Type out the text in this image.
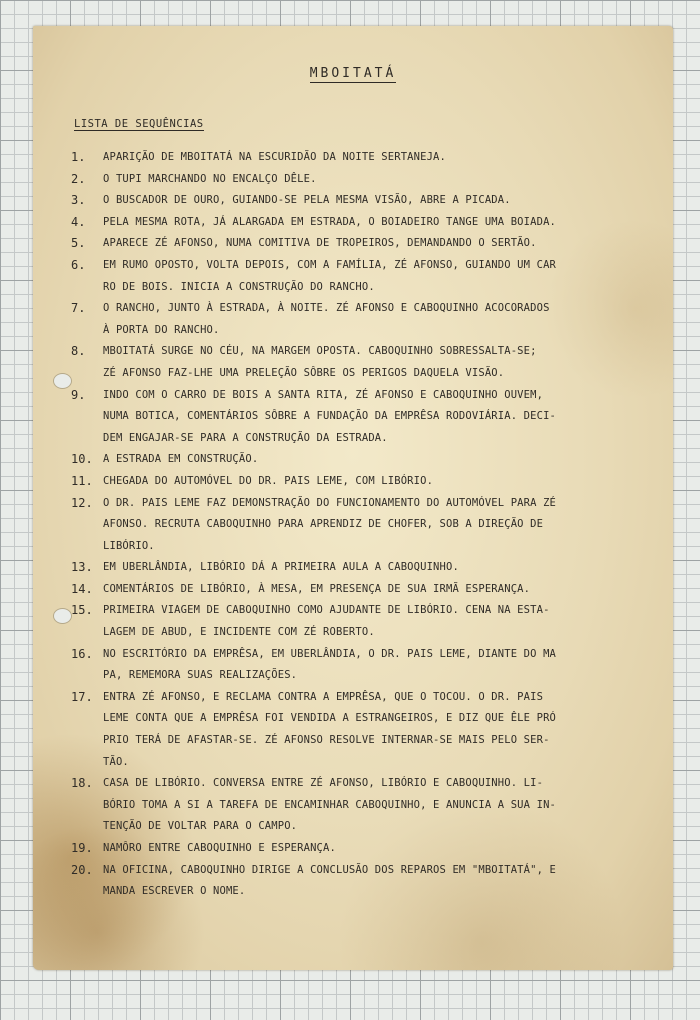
MBOITATÁ
LISTA DE SEQUÊNCIAS
1.	APARIÇÃO DE MBOITATÁ NA ESCURIDÃO DA NOITE SERTANEJA.
2.	O TUPI MARCHANDO NO ENCALÇO DÊLE.
3.	O BUSCADOR DE OURO, GUIANDO-SE PELA MESMA VISÃO, ABRE A PICADA.
4.	PELA MESMA ROTA, JÁ ALARGADA EM ESTRADA, O BOIADEIRO TANGE UMA BOIADA.
5.	APARECE ZÉ AFONSO, NUMA COMITIVA DE TROPEIROS, DEMANDANDO O SERTÃO.
6.	EM RUMO OPOSTO, VOLTA DEPOIS, COM A FAMÍLIA, ZÉ AFONSO, GUIANDO UM CAR
RO DE BOIS. INICIA A CONSTRUÇÃO DO RANCHO.
7.	O RANCHO, JUNTO À ESTRADA, À NOITE. ZÉ AFONSO E CABOQUINHO ACOCORADOS
À PORTA DO RANCHO.
8.	MBOITATÁ SURGE NO CÉU, NA MARGEM OPOSTA. CABOQUINHO SOBRESSALTA-SE;
ZÉ AFONSO FAZ-LHE UMA PRELEÇÃO SÔBRE OS PERIGOS DAQUELA VISÃO.
9.	INDO COM O CARRO DE BOIS A SANTA RITA, ZÉ AFONSO E CABOQUINHO OUVEM,
NUMA BOTICA, COMENTÁRIOS SÔBRE A FUNDAÇÃO DA EMPRÊSA RODOVIÁRIA. DECI-
DEM ENGAJAR-SE PARA A CONSTRUÇÃO DA ESTRADA.
10. A ESTRADA EM CONSTRUÇÃO.
11. CHEGADA DO AUTOMÓVEL DO DR. PAIS LEME, COM LIBÓRIO.
12. O DR. PAIS LEME FAZ DEMONSTRAÇÃO DO FUNCIONAMENTO DO AUTOMÓVEL PARA ZÉ
AFONSO. RECRUTA CABOQUINHO PARA APRENDIZ DE CHOFER, SOB A DIREÇÃO DE
LIBÓRIO.
13. EM UBERLÂNDIA, LIBÓRIO DÁ A PRIMEIRA AULA A CABOQUINHO.
14. COMENTÁRIOS DE LIBÓRIO, À MESA, EM PRESENÇA DE SUA IRMÃ ESPERANÇA.
15. PRIMEIRA VIAGEM DE CABOQUINHO COMO AJUDANTE DE LIBÓRIO. CENA NA ESTA-
LAGEM DE ABUD, E INCIDENTE COM ZÉ ROBERTO.
16. NO ESCRITÓRIO DA EMPRÊSA, EM UBERLÂNDIA, O DR. PAIS LEME, DIANTE DO MA
PA, REMEMORA SUAS REALIZAÇÕES.
17. ENTRA ZÉ AFONSO, E RECLAMA CONTRA A EMPRÊSA, QUE O TOCOU. O DR. PAIS
LEME CONTA QUE A EMPRÊSA FOI VENDIDA A ESTRANGEIROS, E DIZ QUE ÊLE PRÓ
PRIO TERÁ DE AFASTAR-SE. ZÉ AFONSO RESOLVE INTERNAR-SE MAIS PELO SER-
TÃO.
18. CASA DE LIBÓRIO. CONVERSA ENTRE ZÉ AFONSO, LIBÓRIO E CABOQUINHO. LI-
BÓRIO TOMA A SI A TAREFA DE ENCAMINHAR CABOQUINHO, E ANUNCIA A SUA IN-
TENÇÃO DE VOLTAR PARA O CAMPO.
19. NAMÔRO ENTRE CABOQUINHO E ESPERANÇA.
20. NA OFICINA, CABOQUINHO DIRIGE A CONCLUSÃO DOS REPAROS EM "MBOITATÁ", E
MANDA ESCREVER O NOME.
